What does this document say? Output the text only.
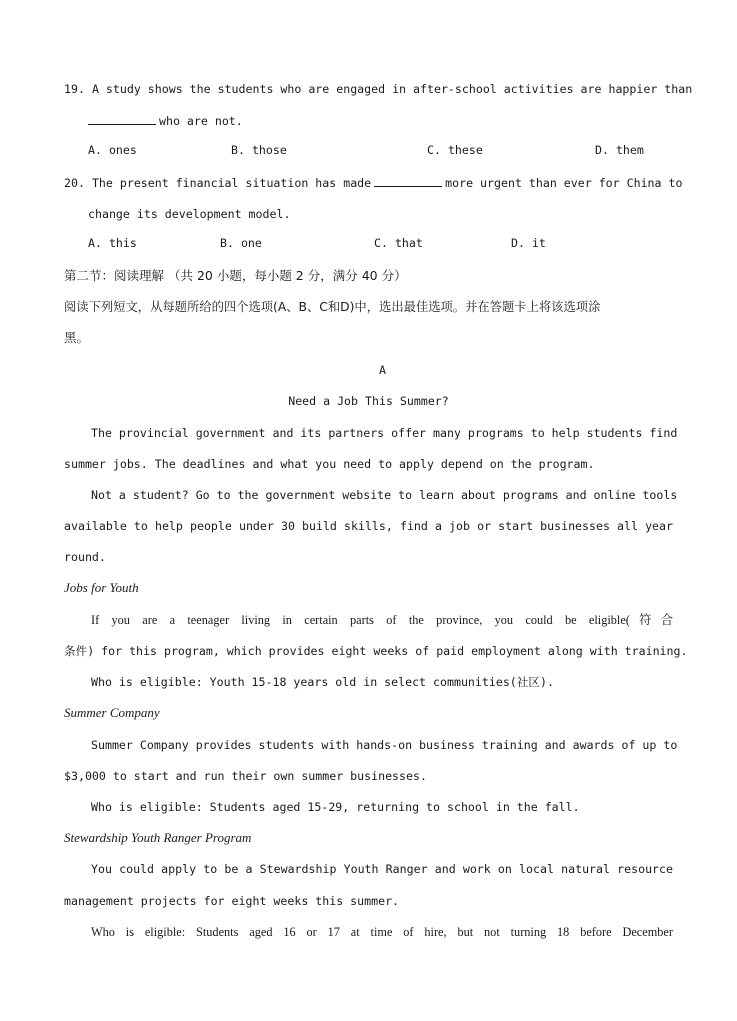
19. A study shows the students who are engaged in after-school activities are happier than
who are not.
A. ones	B. those	C. these	D. them
20. The present financial situation has made	more urgent than ever for China to
change its development model.
A. this	B. one	C. that	D. it
第二节：阅读理解 （共 20 小题，每小题 2 分，满分 40 分）
阅读下列短文，从每题所给的四个选项(A、B、C和D)中，选出最佳选项。并在答题卡上将该选项涂
黑。
A
Need a Job This Summer?
The provincial government and its partners offer many programs to help students find
summer jobs. The deadlines and what you need to apply depend on the program.
Not a student? Go to the government website to learn about programs and online tools
available to help people under 30 build skills, find a job or start businesses all year
round.
Jobs for Youth
If you are a teenager living in certain parts of the province, you could be eligible(符合
条件) for this program, which provides eight weeks of paid employment along with training.
Who is eligible: Youth 15-18 years old in select communities(社区).
Summer Company
Summer Company provides students with hands-on business training and awards of up to
$3,000 to start and run their own summer businesses.
Who is eligible: Students aged 15-29, returning to school in the fall.
Stewardship Youth Ranger Program
You could apply to be a Stewardship Youth Ranger and work on local natural resource
management projects for eight weeks this summer.
Who is eligible: Students aged 16 or 17 at time of hire, but not turning 18 before December
